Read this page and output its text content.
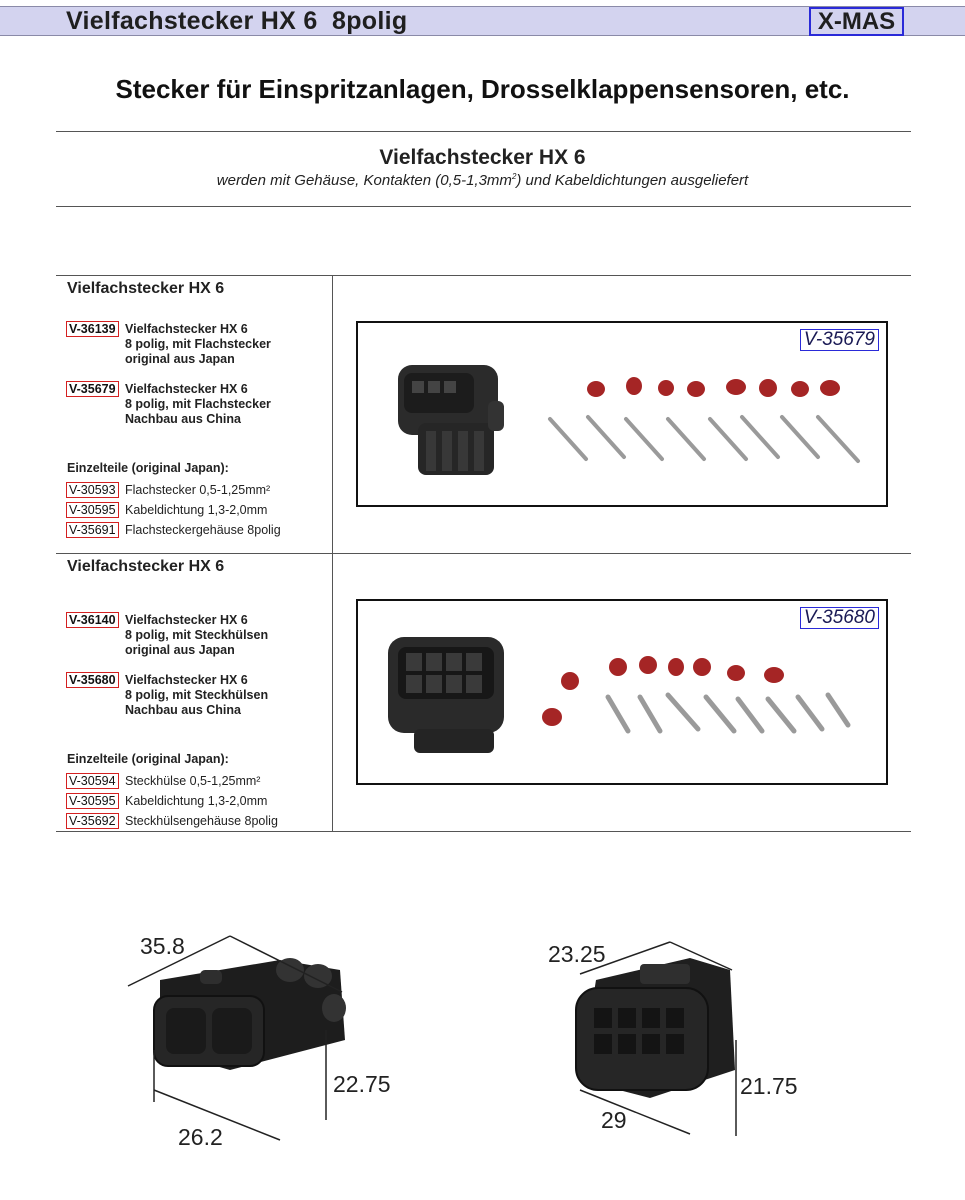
Vielfachstecker HX 6  8polig	X-MAS
Stecker für Einspritzanlagen, Drosselklappensensoren, etc.
Vielfachstecker HX 6
werden mit Gehäuse, Kontakten $(0,5-1,3mm^2)$ und Kabeldichtungen ausgeliefert
Vielfachstecker HX 6
V-36139 Vielfachstecker HX 6
8 polig, mit Flachstecker
original aus Japan
V-35679 Vielfachstecker HX 6
8 polig, mit Flachstecker
Nachbau aus China
Einzelteile (original Japan):
V-30593 Flachstecker 0,5-1,25mm²
V-30595 Kabeldichtung 1,3-2,0mm
V-35691 Flachsteckergehäuse 8polig
V-35679
Vielfachstecker HX 6
V-36140 Vielfachstecker HX 6
8 polig, mit Steckhülsen
original aus Japan
V-35680 Vielfachstecker HX 6
8 polig, mit Steckhülsen
Nachbau aus China
Einzelteile (original Japan):
V-30594 Steckhülse 0,5-1,25mm²
V-30595 Kabeldichtung 1,3-2,0mm
V-35692 Steckhülsengehäuse 8polig
V-35680
35.8
22.75
26.2
23.25
21.75
29
